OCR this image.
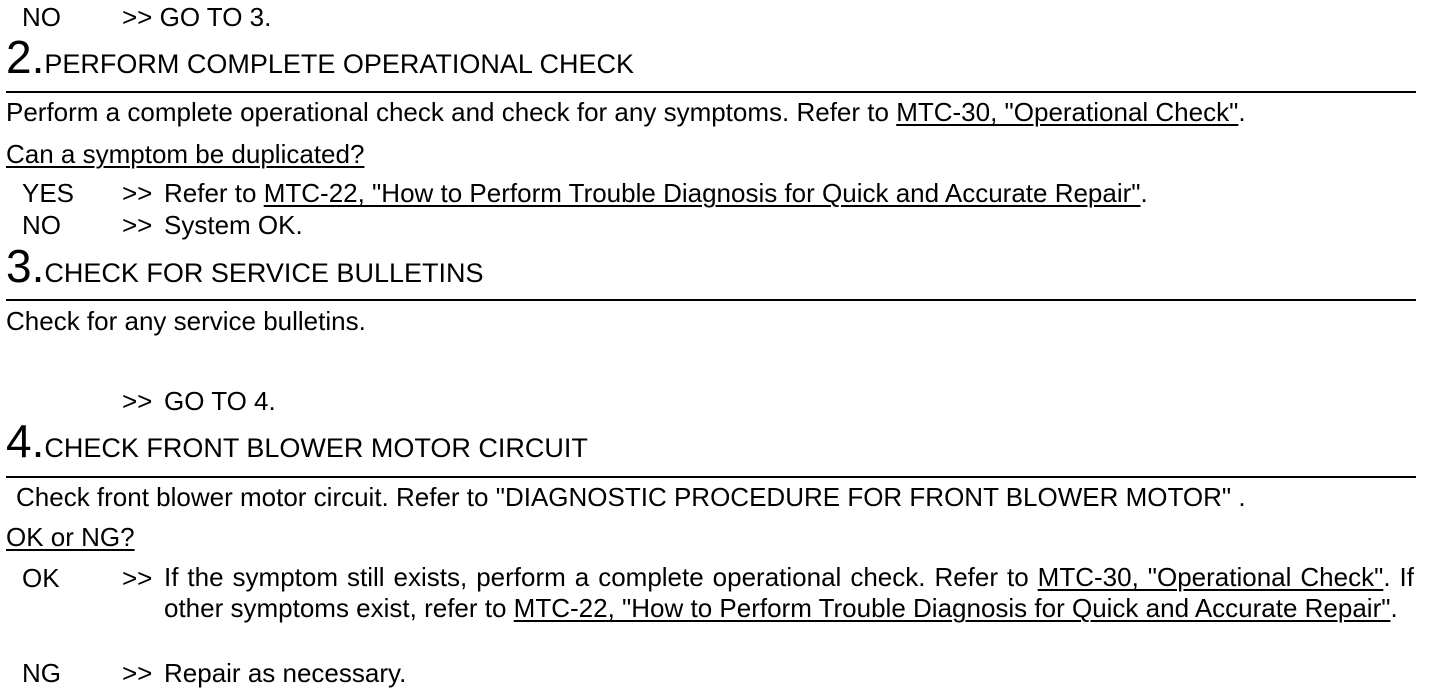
NO >> GO TO 3.
2.PERFORM COMPLETE OPERATIONAL CHECK
Perform a complete operational check and check for any symptoms. Refer to MTC-30, "Operational Check".
Can a symptom be duplicated?
YES >> Refer to MTC-22, "How to Perform Trouble Diagnosis for Quick and Accurate Repair".
NO >> System OK.
3.CHECK FOR SERVICE BULLETINS
Check for any service bulletins.
>> GO TO 4.
4.CHECK FRONT BLOWER MOTOR CIRCUIT
Check front blower motor circuit. Refer to "DIAGNOSTIC PROCEDURE FOR FRONT BLOWER MOTOR" .
OK or NG?
OK >> If the symptom still exists, perform a complete operational check. Refer to MTC-30, "Operational Check". If other symptoms exist, refer to MTC-22, "How to Perform Trouble Diagnosis for Quick and Accurate Repair".
NG >> Repair as necessary.
